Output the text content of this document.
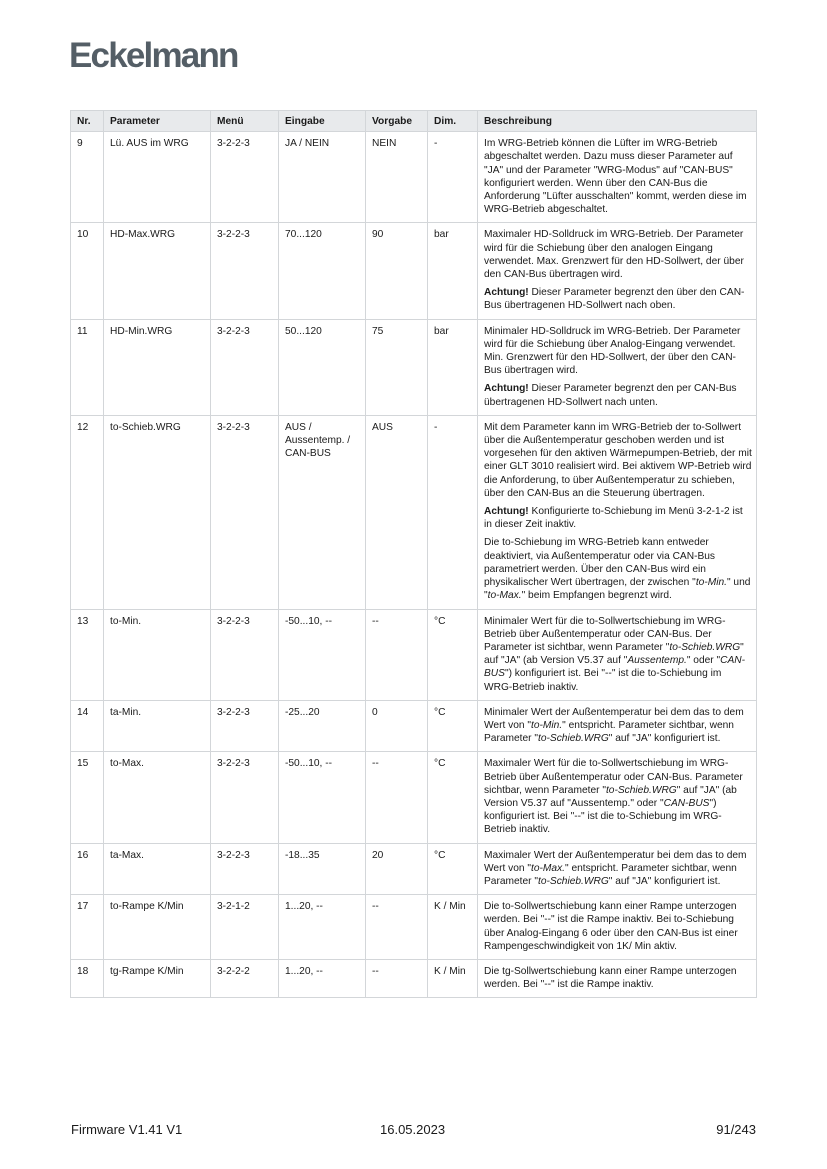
Eckelmann
Nr.	Parameter	Menü	Eingabe	Vorgabe	Dim.	Beschreibung
9	Lü. AUS im WRG	3-2-2-3	JA / NEIN	NEIN	-	Im WRG-Betrieb können die Lüfter im WRG-Betrieb abgeschaltet werden. Dazu muss dieser Parameter auf "JA" und der Parameter "WRG-Modus" auf "CAN-BUS" konfiguriert werden. Wenn über den CAN-Bus die Anforderung "Lüfter ausschalten" kommt, werden diese im WRG-Betrieb abgeschaltet.

10	HD-Max.WRG	3-2-2-3	70...120	90	bar	Maximaler HD-Solldruck im WRG-Betrieb. Der Parameter wird für die Schiebung über den analogen Eingang verwendet. Max. Grenzwert für den HD-Sollwert, der über den CAN-Bus übertragen wird.

Achtung! Dieser Parameter begrenzt den über den CAN-Bus übertragenen HD-Sollwert nach oben.

11	HD-Min.WRG	3-2-2-3	50...120	75	bar	Minimaler HD-Solldruck im WRG-Betrieb. Der Parameter wird für die Schiebung über Analog-Eingang verwendet. Min. Grenzwert für den HD-Sollwert, der über den CAN-Bus übertragen wird.

Achtung! Dieser Parameter begrenzt den per CAN-Bus übertragenen HD-Sollwert nach unten.

12	to-Schieb.WRG	3-2-2-3	AUS / Aussentemp. / CAN-BUS	AUS	-	Mit dem Parameter kann im WRG-Betrieb der to-Sollwert über die Außentemperatur geschoben werden und ist vorgesehen für den aktiven Wärmepumpen-Betrieb, der mit einer GLT 3010 realisiert wird. Bei aktivem WP-Betrieb wird die Anforderung, to über Außentemperatur zu schieben, über den CAN-Bus an die Steuerung übertragen.

Achtung! Konfigurierte to-Schiebung im Menü 3-2-1-2 ist in dieser Zeit inaktiv.

Die to-Schiebung im WRG-Betrieb kann entweder deaktiviert, via Außentemperatur oder via CAN-Bus parametriert werden. Über den CAN-Bus wird ein physikalischer Wert übertragen, der zwischen "to-Min." und "to-Max." beim Empfangen begrenzt wird.

13	to-Min.	3-2-2-3	-50...10, --	--	°C	Minimaler Wert für die to-Sollwertschiebung im WRG-Betrieb über Außentemperatur oder CAN-Bus. Der Parameter ist sichtbar, wenn Parameter "to-Schieb.WRG" auf "JA" (ab Version V5.37 auf "Aussentemp." oder "CAN-BUS") konfiguriert ist. Bei "--" ist die to-Schiebung im WRG-Betrieb inaktiv.

14	ta-Min.	3-2-2-3	-25...20	0	°C	Minimaler Wert der Außentemperatur bei dem das to dem Wert von "to-Min." entspricht. Parameter sichtbar, wenn Parameter "to-Schieb.WRG" auf "JA" konfiguriert ist.

15	to-Max.	3-2-2-3	-50...10, --	--	°C	Maximaler Wert für die to-Sollwertschiebung im WRG-Betrieb über Außentemperatur oder CAN-Bus. Parameter sichtbar, wenn Parameter "to-Schieb.WRG" auf "JA" (ab Version V5.37 auf "Aussentemp." oder "CAN-BUS") konfiguriert ist. Bei "--" ist die to-Schiebung im WRG-Betrieb inaktiv.

16	ta-Max.	3-2-2-3	-18...35	20	°C	Maximaler Wert der Außentemperatur bei dem das to dem Wert von "to-Max." entspricht. Parameter sichtbar, wenn Parameter "to-Schieb.WRG" auf "JA" konfiguriert ist.

17	to-Rampe K/Min	3-2-1-2	1...20, --	--	K / Min	Die to-Sollwertschiebung kann einer Rampe unterzogen werden. Bei "--" ist die Rampe inaktiv. Bei to-Schiebung über Analog-Eingang 6 oder über den CAN-Bus ist einer Rampengeschwindigkeit von 1K/ Min aktiv.

18	tg-Rampe K/Min	3-2-2-2	1...20, --	--	K / Min	Die tg-Sollwertschiebung kann einer Rampe unterzogen werden. Bei "--" ist die Rampe inaktiv.

Firmware V1.41 V1	16.05.2023	91/243
